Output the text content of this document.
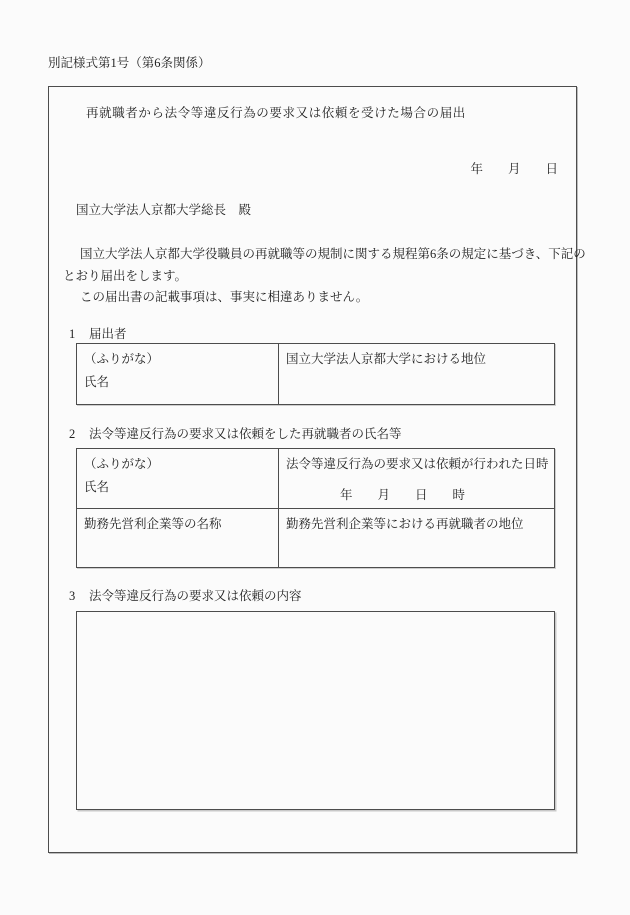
別記様式第1号（第6条関係）
再就職者から法令等違反行為の要求又は依頼を受けた場合の届出
年　　月　　日
国立大学法人京都大学総長　殿
国立大学法人京都大学役職員の再就職等の規制に関する規程第6条の規定に基づき、下記の
とおり届出をします。
この届出書の記載事項は、事実に相違ありません。
1 届出者
（ふりがな）
氏名
国立大学法人京都大学における地位
2 法令等違反行為の要求又は依頼をした再就職者の氏名等
（ふりがな）
氏名
法令等違反行為の要求又は依頼が行われた日時
年　　月　　日　　時
勤務先営利企業等の名称	勤務先営利企業等における再就職者の地位
3 法令等違反行為の要求又は依頼の内容
